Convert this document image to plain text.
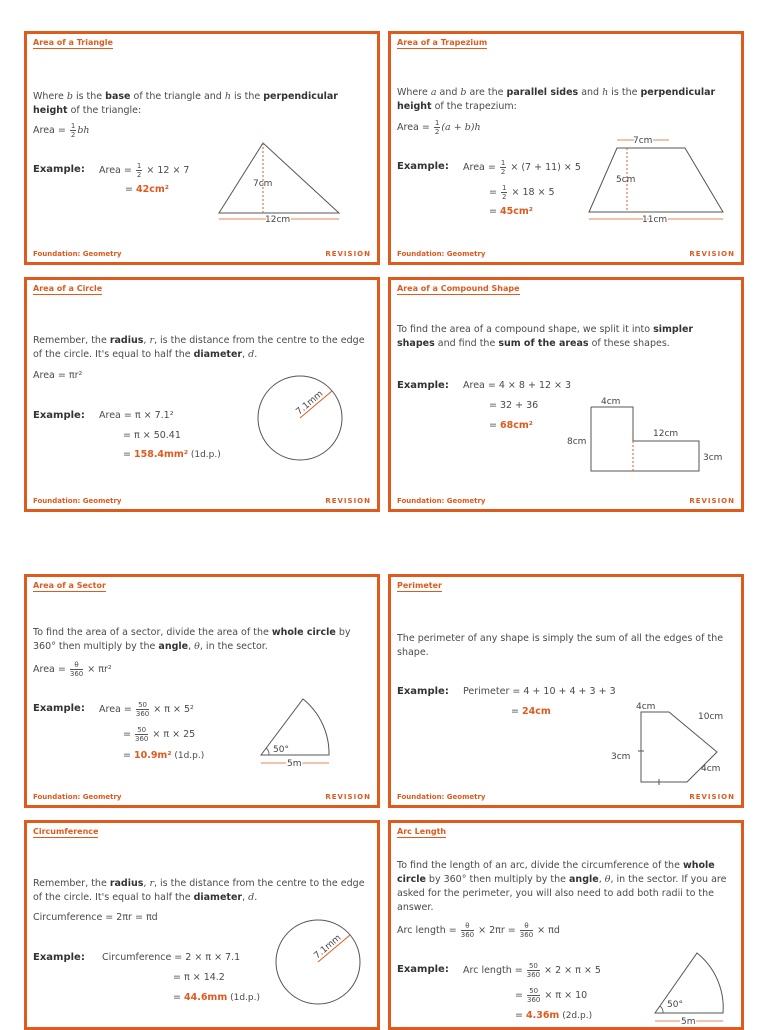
Area of a Triangle
Where b is the base of the triangle and h is the perpendicular height of the triangle:
Area = $\frac{1}{2}$ bh
Example: Area = $\frac{1}{2} \times 12 \times 7$
= 42cm²	7cm
12cm
Foundation: Geometry	REVISION
Area of a Trapezium
Where a and b are the parallel sides and h is the perpendicular height of the trapezium:
Area = $\frac{1}{2} (a + b)h$
Example: Area = $\frac{1}{2} \times (7 + 11) \times 5$
= $\frac{1}{2} \times 18 \times 5$
= 45cm²
7cm
5cm
11cm
Foundation: Geometry	REVISION
Area of a Circle
Remember, the radius, r, is the distance from the centre to the edge of the circle. It's equal to half the diameter, d.
Area = πr²
Example: Area = π × 7.1²
= π × 50.41
= 158.4mm² (1d.p.)
7.1mm
Foundation: Geometry	REVISION
Area of a Compound Shape
To find the area of a compound shape, we split it into simpler shapes and find the sum of the areas of these shapes.
Example: Area = 4 × 8 + 12 × 3
= 32 + 36
= 68cm²
4cm
8cm
12cm
3cm
Foundation: Geometry	REVISION
Area of a Sector
To find the area of a sector, divide the area of the whole circle by 360° then multiply by the angle, θ, in the sector.
Area = $\frac{\theta}{360} \times \pi r^2$
Example: Area = $\frac{50}{360} \times \pi \times 5^2$
= $\frac{50}{360} \times \pi \times 25$
= 10.9m² (1d.p.)
50°
5m
Foundation: Geometry	REVISION
Perimeter
The perimeter of any shape is simply the sum of all the edges of the shape.
Example: Perimeter = 4 + 10 + 4 + 3 + 3
= 24cm	4cm
10cm
3cm
4cm
Foundation: Geometry	REVISION
Circumference
Remember, the radius, r, is the distance from the centre to the edge of the circle. It's equal to half the diameter, d.
Circumference = 2πr = πd
Example: Circumference = 2 × π × 7.1
= π × 14.2
= 44.6mm (1d.p.)
7.1mm
Arc Length
To find the length of an arc, divide the circumference of the whole circle by 360° then multiply by the angle, θ, in the sector. If you are asked for the perimeter, you will also need to add both radii to the answer.
Arc length = $\frac{\theta}{360} \times 2\pi r = \frac{\theta}{360} \times \pi d$
Example: Arc length = $\frac{50}{360} \times 2 \times \pi \times 5$
= $\frac{50}{360} \times \pi \times 10$
= 4.36m (2d.p.)
50°
5m
